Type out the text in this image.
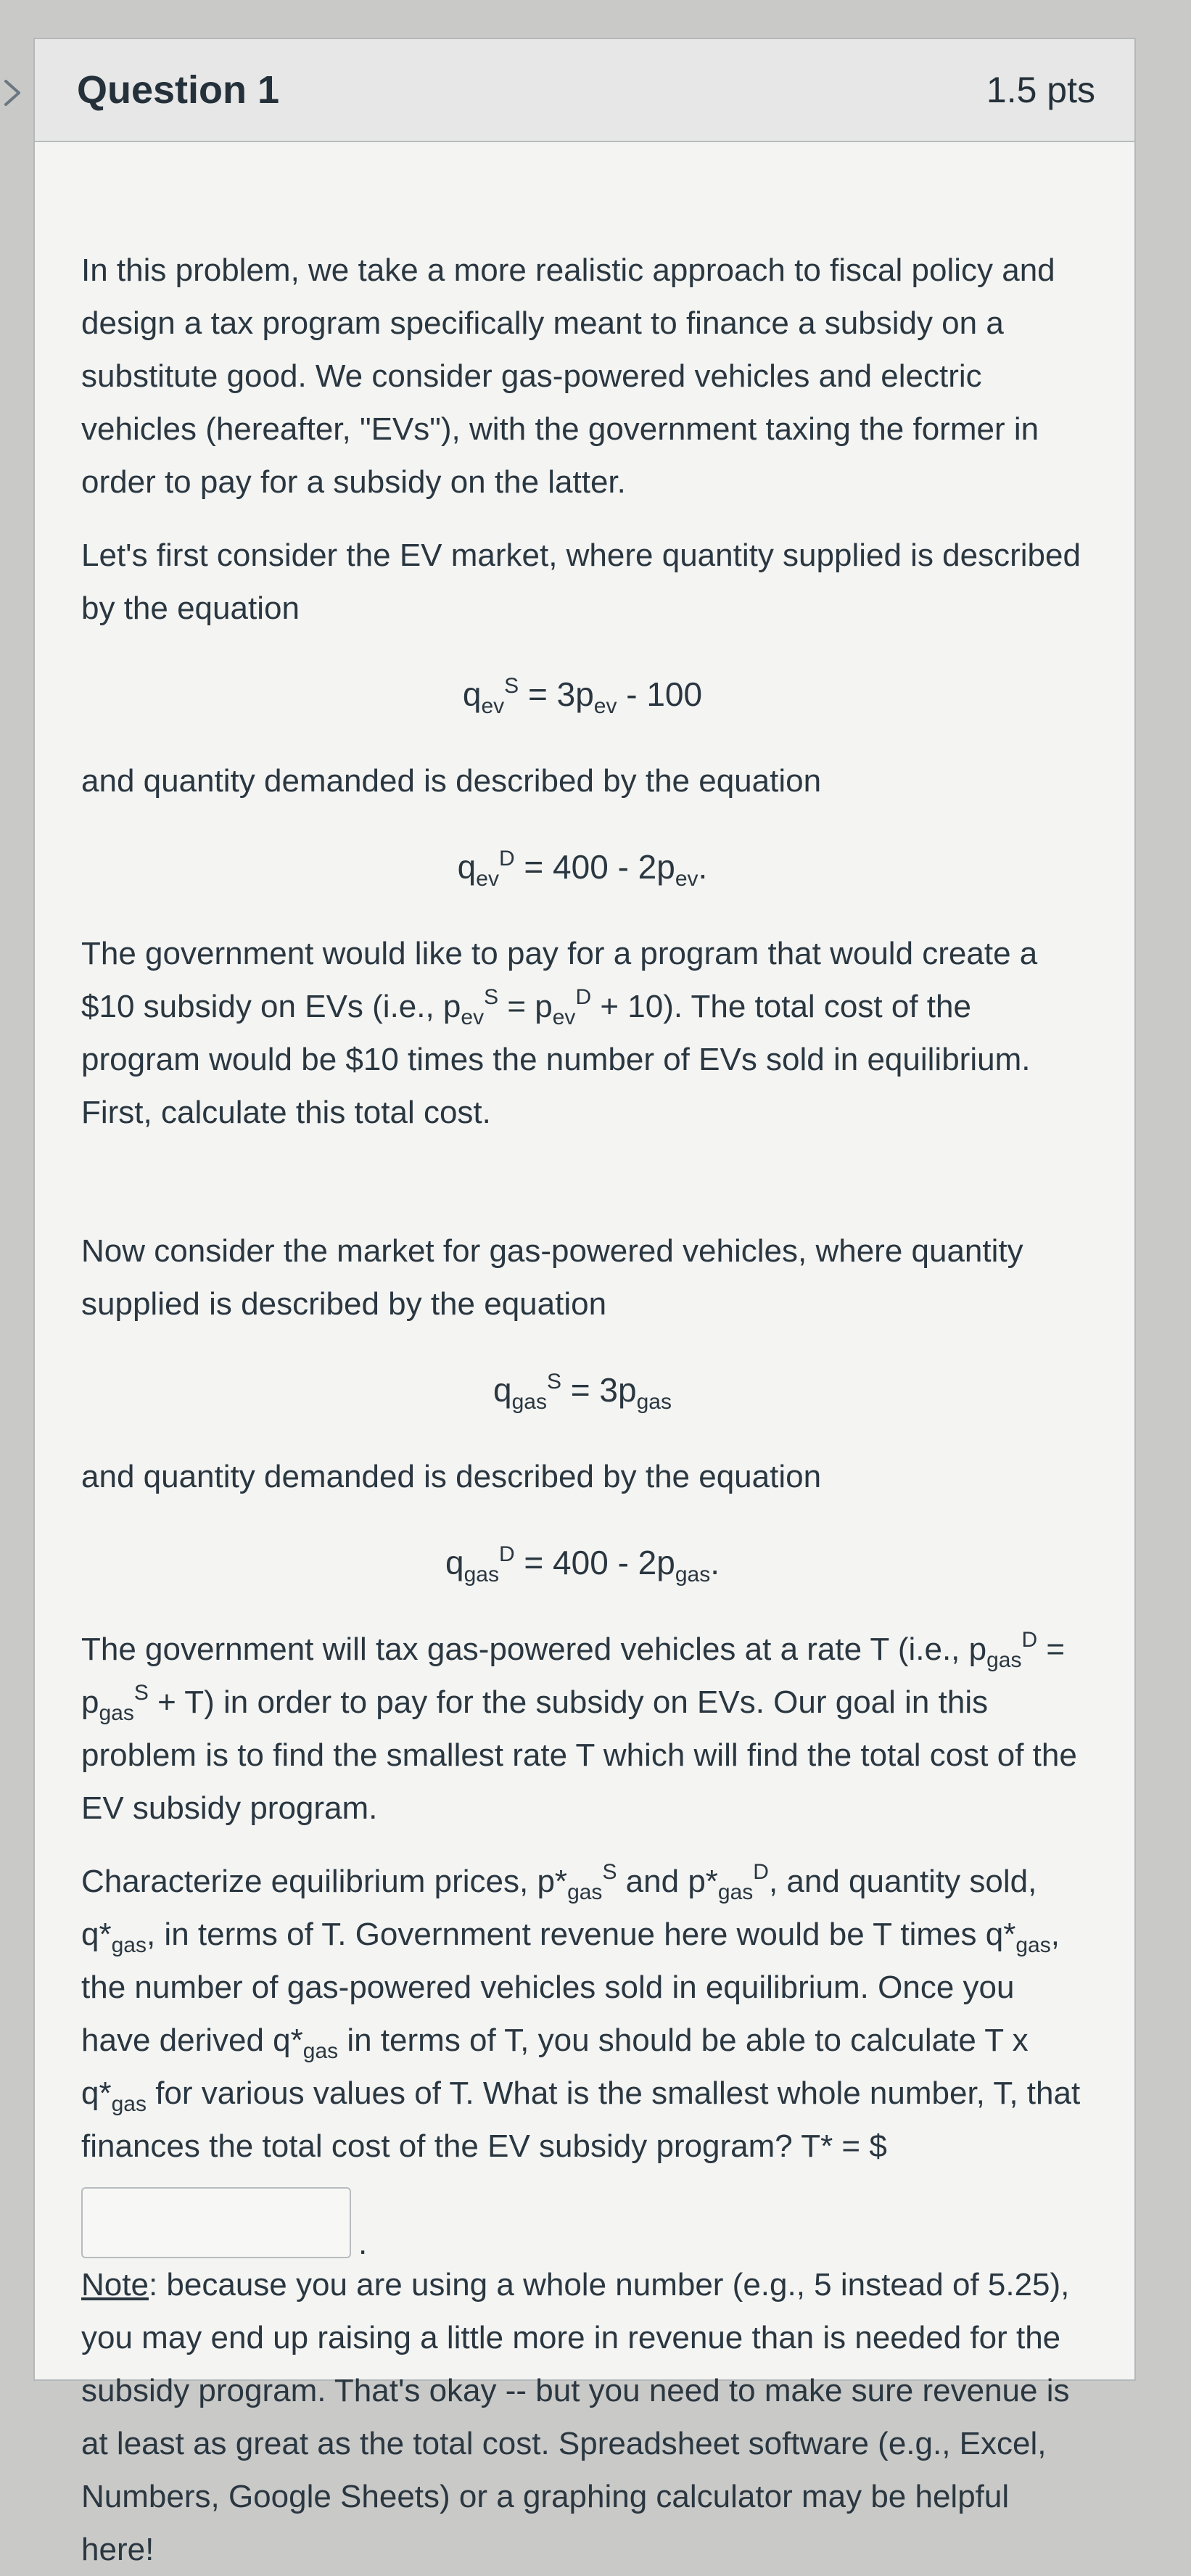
Question 1	1.5 pts

In this problem, we take a more realistic approach to fiscal policy and design a tax program specifically meant to finance a subsidy on a substitute good. We consider gas-powered vehicles and electric vehicles (hereafter, "EVs"), with the government taxing the former in order to pay for a subsidy on the latter.

Let's first consider the EV market, where quantity supplied is described by the equation

$q_{ev}^S = 3p_{ev} - 100$

and quantity demanded is described by the equation

$q_{ev}^D = 400 - 2p_{ev}$.

The government would like to pay for a program that would create a $10 subsidy on EVs (i.e., $p_{ev}^S = p_{ev}^D + 10$). The total cost of the program would be $10 times the number of EVs sold in equilibrium. First, calculate this total cost.

Now consider the market for gas-powered vehicles, where quantity supplied is described by the equation

$q_{gas}^S = 3p_{gas}$

and quantity demanded is described by the equation

$q_{gas}^D = 400 - 2p_{gas}$.

The government will tax gas-powered vehicles at a rate T (i.e., $p_{gas}^D = p_{gas}^S + T$) in order to pay for the subsidy on EVs. Our goal in this problem is to find the smallest rate T which will find the total cost of the EV subsidy program.

Characterize equilibrium prices, $p*_{gas}^S$ and $p*_{gas}^D$, and quantity sold, $q*_{gas}$, in terms of T. Government revenue here would be T times $q*_{gas}$, the number of gas-powered vehicles sold in equilibrium. Once you have derived $q*_{gas}$ in terms of T, you should be able to calculate T x $q*_{gas}$ for various values of T. What is the smallest whole number, T, that finances the total cost of the EV subsidy program? T* = $

.

Note: because you are using a whole number (e.g., 5 instead of 5.25), you may end up raising a little more in revenue than is needed for the subsidy program. That's okay -- but you need to make sure revenue is at least as great as the total cost. Spreadsheet software (e.g., Excel, Numbers, Google Sheets) or a graphing calculator may be helpful here!
